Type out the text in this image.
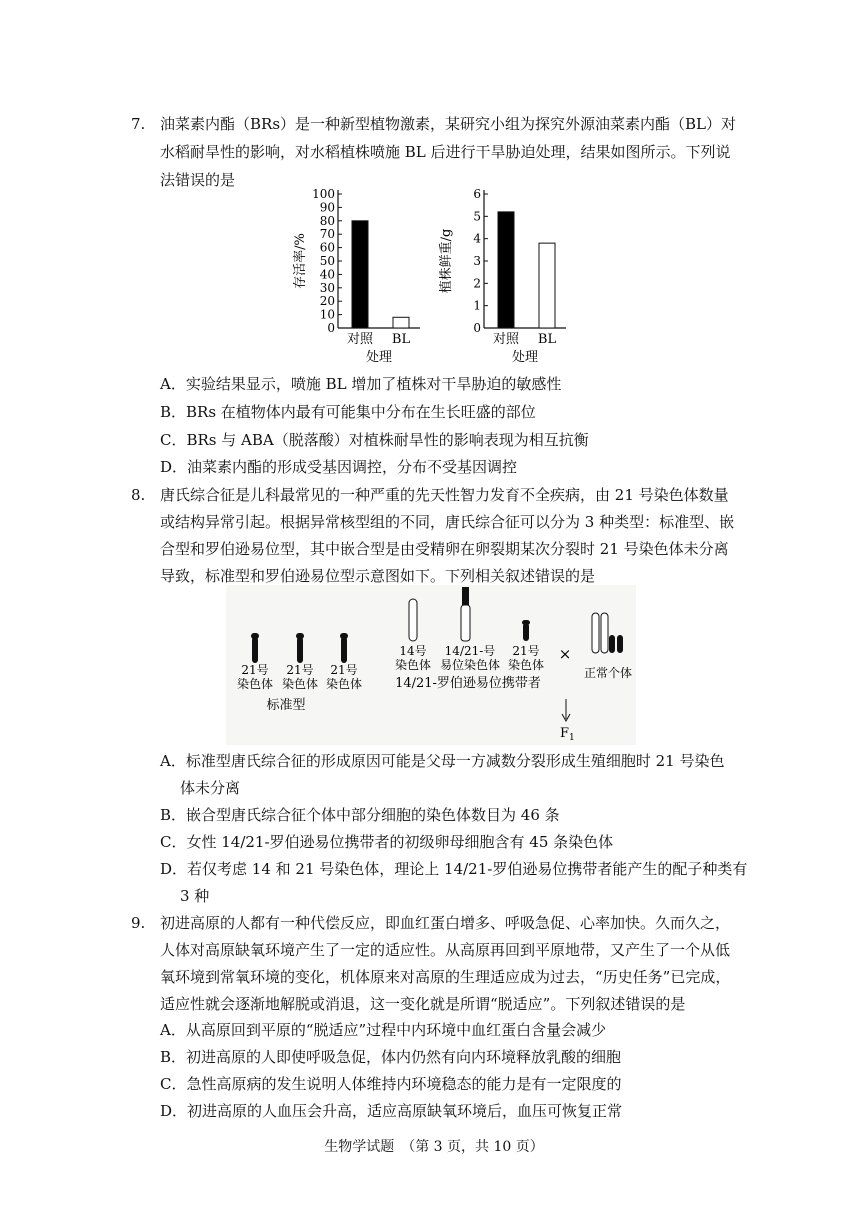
7. 油菜素内酯（BRs）是一种新型植物激素，某研究小组为探究外源油菜素内酯（BL）对
水稻耐旱性的影响，对水稻植株喷施 BL 后进行干旱胁迫处理，结果如图所示。下列说
法错误的是
0
10
20
30
40
50
60
70
80
90
100
对照 BL
处理
存活率/%
0
1
2
3
4
5
6
对照 BL
处理
植株鲜重/g
A．实验结果显示，喷施 BL 增加了植株对干旱胁迫的敏感性
B．BRs 在植物体内最有可能集中分布在生长旺盛的部位
C．BRs 与 ABA（脱落酸）对植株耐旱性的影响表现为相互抗衡
D．油菜素内酯的形成受基因调控，分布不受基因调控
8. 唐氏综合征是儿科最常见的一种严重的先天性智力发育不全疾病，由 21 号染色体数量
或结构异常引起。根据异常核型组的不同，唐氏综合征可以分为 3 种类型：标准型、嵌
合型和罗伯逊易位型，其中嵌合型是由受精卵在卵裂期某次分裂时 21 号染色体未分离
导致，标准型和罗伯逊易位型示意图如下。下列相关叙述错误的是
21号
染色体
21号
染色体
21号
染色体
标准型
14号
染色体
14/21-号
易位染色体
21号
染色体
14/21-罗伯逊易位携带者
×
正常个体
$F_1$
A．标准型唐氏综合征的形成原因可能是父母一方减数分裂形成生殖细胞时 21 号染色
体未分离
B．嵌合型唐氏综合征个体中部分细胞的染色体数目为 46 条
C．女性 14/21-罗伯逊易位携带者的初级卵母细胞含有 45 条染色体
D．若仅考虑 14 和 21 号染色体，理论上 14/21-罗伯逊易位携带者能产生的配子种类有
3 种
9. 初进高原的人都有一种代偿反应，即血红蛋白增多、呼吸急促、心率加快。久而久之，
人体对高原缺氧环境产生了一定的适应性。从高原再回到平原地带，又产生了一个从低
氧环境到常氧环境的变化，机体原来对高原的生理适应成为过去，“历史任务”已完成，
适应性就会逐渐地解脱或消退，这一变化就是所谓“脱适应”。下列叙述错误的是
A．从高原回到平原的“脱适应”过程中内环境中血红蛋白含量会减少
B．初进高原的人即使呼吸急促，体内仍然有向内环境释放乳酸的细胞
C．急性高原病的发生说明人体维持内环境稳态的能力是有一定限度的
D．初进高原的人血压会升高，适应高原缺氧环境后，血压可恢复正常
生物学试题　（第 3 页，共 10 页）
